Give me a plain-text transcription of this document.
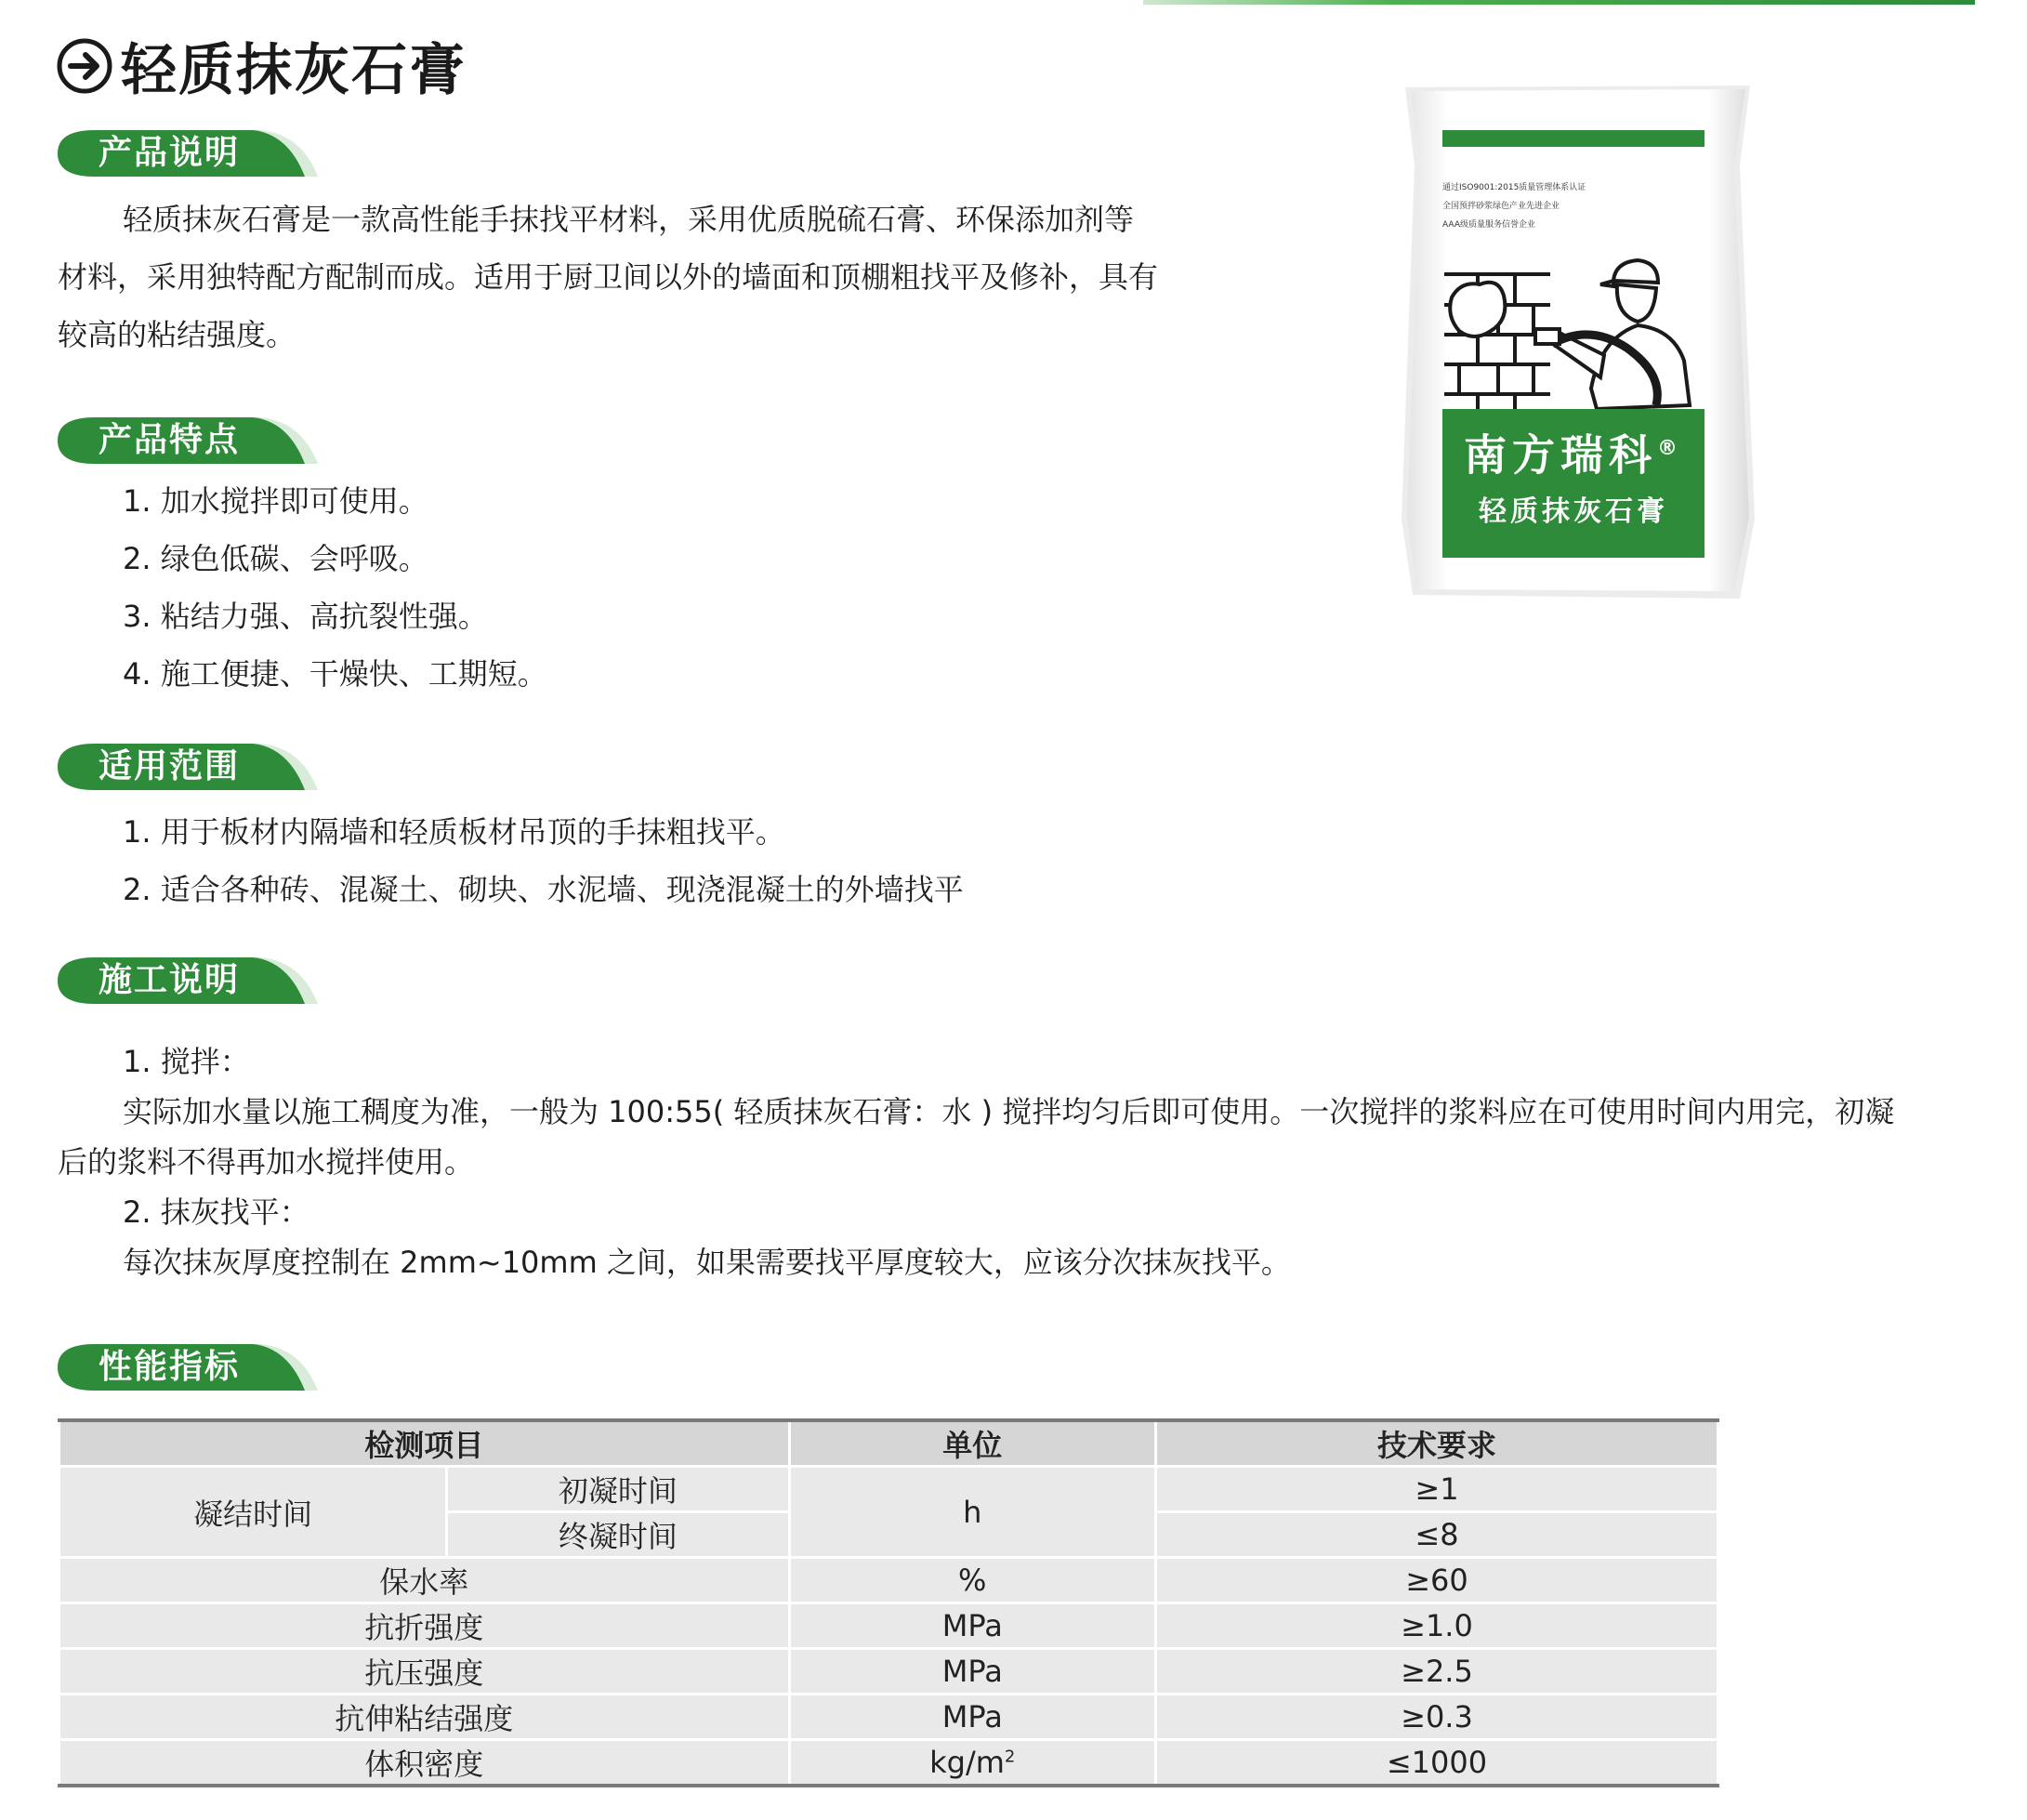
轻质抹灰石膏
产品说明
轻质抹灰石膏是一款高性能手抹找平材料，采用优质脱硫石膏、环保添加剂等
材料，采用独特配方配制而成。适用于厨卫间以外的墙面和顶棚粗找平及修补，具有
较高的粘结强度。
产品特点
1. 加水搅拌即可使用。
2. 绿色低碳、会呼吸。
3. 粘结力强、高抗裂性强。
4. 施工便捷、干燥快、工期短。
适用范围
1. 用于板材内隔墙和轻质板材吊顶的手抹粗找平。
2. 适合各种砖、混凝土、砌块、水泥墙、现浇混凝土的外墙找平
施工说明
1. 搅拌：
实际加水量以施工稠度为准，一般为 100:55( 轻质抹灰石膏：水 ) 搅拌均匀后即可使用。一次搅拌的浆料应在可使用时间内用完，初凝
后的浆料不得再加水搅拌使用。
2. 抹灰找平：
每次抹灰厚度控制在 2mm~10mm 之间，如果需要找平厚度较大，应该分次抹灰找平。
性能指标
通过ISO9001:2015质量管理体系认证
全国预拌砂浆绿色产业先进企业
AAA级质量服务信誉企业
南方瑞科®
轻质抹灰石膏
检测项目		单位	技术要求
凝结时间	初凝时间	h	≥1
	终凝时间		≤8
保水率		%	≥60
抗折强度		MPa	≥1.0
抗压强度		MPa	≥2.5
抗伸粘结强度		MPa	≥0.3
体积密度		$kg/m^2$	≤1000
